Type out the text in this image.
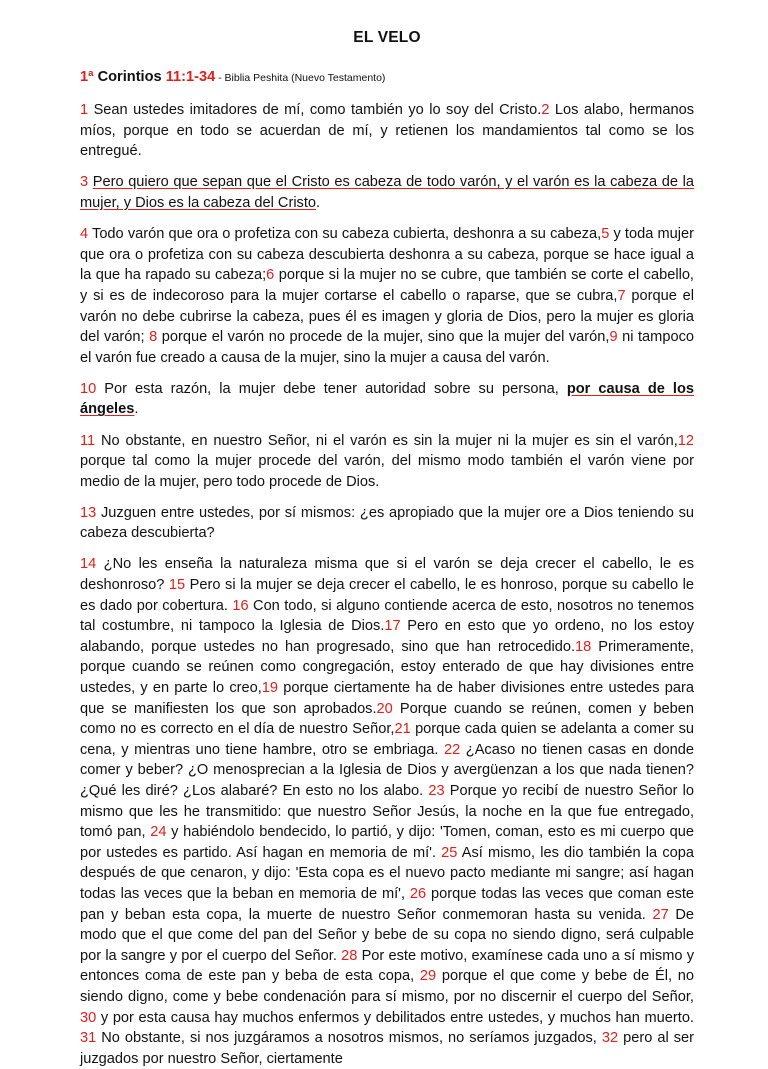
EL VELO
1ª Corintios 11:1-34 - Biblia Peshita (Nuevo Testamento)

1 Sean ustedes imitadores de mí, como también yo lo soy del Cristo.2 Los alabo, hermanos míos, porque en todo se acuerdan de mí, y retienen los mandamientos tal como se los entregué.

3 Pero quiero que sepan que el Cristo es cabeza de todo varón, y el varón es la cabeza de la mujer, y Dios es la cabeza del Cristo.

4 Todo varón que ora o profetiza con su cabeza cubierta, deshonra a su cabeza,5 y toda mujer que ora o profetiza con su cabeza descubierta deshonra a su cabeza, porque se hace igual a la que ha rapado su cabeza;6 porque si la mujer no se cubre, que también se corte el cabello, y si es de indecoroso para la mujer cortarse el cabello o raparse, que se cubra,7 porque el varón no debe cubrirse la cabeza, pues él es imagen y gloria de Dios, pero la mujer es gloria del varón; 8 porque el varón no procede de la mujer, sino que la mujer del varón,9 ni tampoco el varón fue creado a causa de la mujer, sino la mujer a causa del varón.

10 Por esta razón, la mujer debe tener autoridad sobre su persona, por causa de los ángeles.

11 No obstante, en nuestro Señor, ni el varón es sin la mujer ni la mujer es sin el varón,12 porque tal como la mujer procede del varón, del mismo modo también el varón viene por medio de la mujer, pero todo procede de Dios.

13 Juzguen entre ustedes, por sí mismos: ¿es apropiado que la mujer ore a Dios teniendo su cabeza descubierta?

14 ¿No les enseña la naturaleza misma que si el varón se deja crecer el cabello, le es deshonroso? 15 Pero si la mujer se deja crecer el cabello, le es honroso, porque su cabello le es dado por cobertura. 16 Con todo, si alguno contiende acerca de esto, nosotros no tenemos tal costumbre, ni tampoco la Iglesia de Dios.17 Pero en esto que yo ordeno, no los estoy alabando, porque ustedes no han progresado, sino que han retrocedido.18 Primeramente, porque cuando se reúnen como congregación, estoy enterado de que hay divisiones entre ustedes, y en parte lo creo,19 porque ciertamente ha de haber divisiones entre ustedes para que se manifiesten los que son aprobados.20 Porque cuando se reúnen, comen y beben como no es correcto en el día de nuestro Señor,21 porque cada quien se adelanta a comer su cena, y mientras uno tiene hambre, otro se embriaga. 22 ¿Acaso no tienen casas en donde comer y beber? ¿O menosprecian a la Iglesia de Dios y avergüenzan a los que nada tienen? ¿Qué les diré? ¿Los alabaré? En esto no los alabo. 23 Porque yo recibí de nuestro Señor lo mismo que les he transmitido: que nuestro Señor Jesús, la noche en la que fue entregado, tomó pan, 24 y habiéndolo bendecido, lo partió, y dijo: 'Tomen, coman, esto es mi cuerpo que por ustedes es partido. Así hagan en memoria de mí'. 25 Así mismo, les dio también la copa después de que cenaron, y dijo: 'Esta copa es el nuevo pacto mediante mi sangre; así hagan todas las veces que la beban en memoria de mí', 26 porque todas las veces que coman este pan y beban esta copa, la muerte de nuestro Señor conmemoran hasta su venida. 27 De modo que el que come del pan del Señor y bebe de su copa no siendo digno, será culpable por la sangre y por el cuerpo del Señor. 28 Por este motivo, examínese cada uno a sí mismo y entonces coma de este pan y beba de esta copa, 29 porque el que come y bebe de Él, no siendo digno, come y bebe condenación para sí mismo, por no discernir el cuerpo del Señor, 30 y por esta causa hay muchos enfermos y debilitados entre ustedes, y muchos han muerto. 31 No obstante, si nos juzgáramos a nosotros mismos, no seríamos juzgados, 32 pero al ser juzgados por nuestro Señor, ciertamente
